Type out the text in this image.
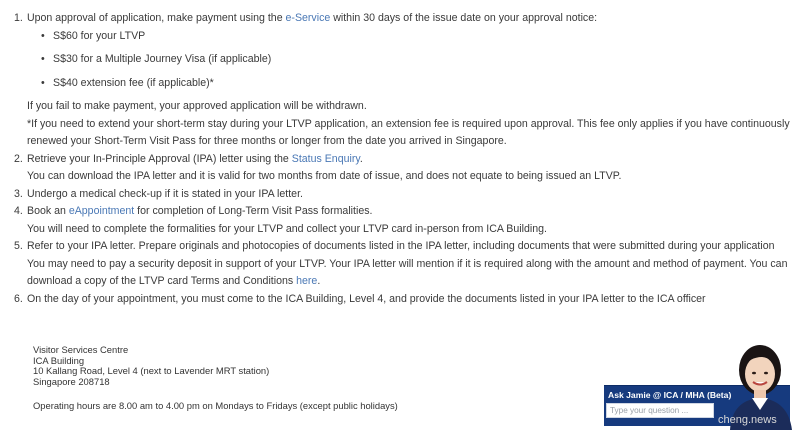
1. Upon approval of application, make payment using the e-Service within 30 days of the issue date on your approval notice:
• S$60 for your LTVP
• S$30 for a Multiple Journey Visa (if applicable)
• S$40 extension fee (if applicable)*
If you fail to make payment, your approved application will be withdrawn.
*If you need to extend your short-term stay during your LTVP application, an extension fee is required upon approval. This fee only applies if you have continuously renewed your Short-Term Visit Pass for three months or longer from the date you arrived in Singapore.
2. Retrieve your In-Principle Approval (IPA) letter using the Status Enquiry.
You can download the IPA letter and it is valid for two months from date of issue, and does not equate to being issued an LTVP.
3. Undergo a medical check-up if it is stated in your IPA letter.
4. Book an eAppointment for completion of Long-Term Visit Pass formalities.
You will need to complete the formalities for your LTVP and collect your LTVP card in-person from ICA Building.
5. Refer to your IPA letter. Prepare originals and photocopies of documents listed in the IPA letter, including documents that were submitted during your application
You may need to pay a security deposit in support of your LTVP. Your IPA letter will mention if it is required along with the amount and method of payment. You can download a copy of the LTVP card Terms and Conditions here.
6. On the day of your appointment, you must come to the ICA Building, Level 4, and provide the documents listed in your IPA letter to the ICA officer
Visitor Services Centre
ICA Building
10 Kallang Road, Level 4 (next to Lavender MRT station)
Singapore 208718
Operating hours are 8.00 am to 4.00 pm on Mondays to Fridays (except public holidays)
Ask Jamie @ ICA / MHA (Beta)
Type your question ...
cheng.news
